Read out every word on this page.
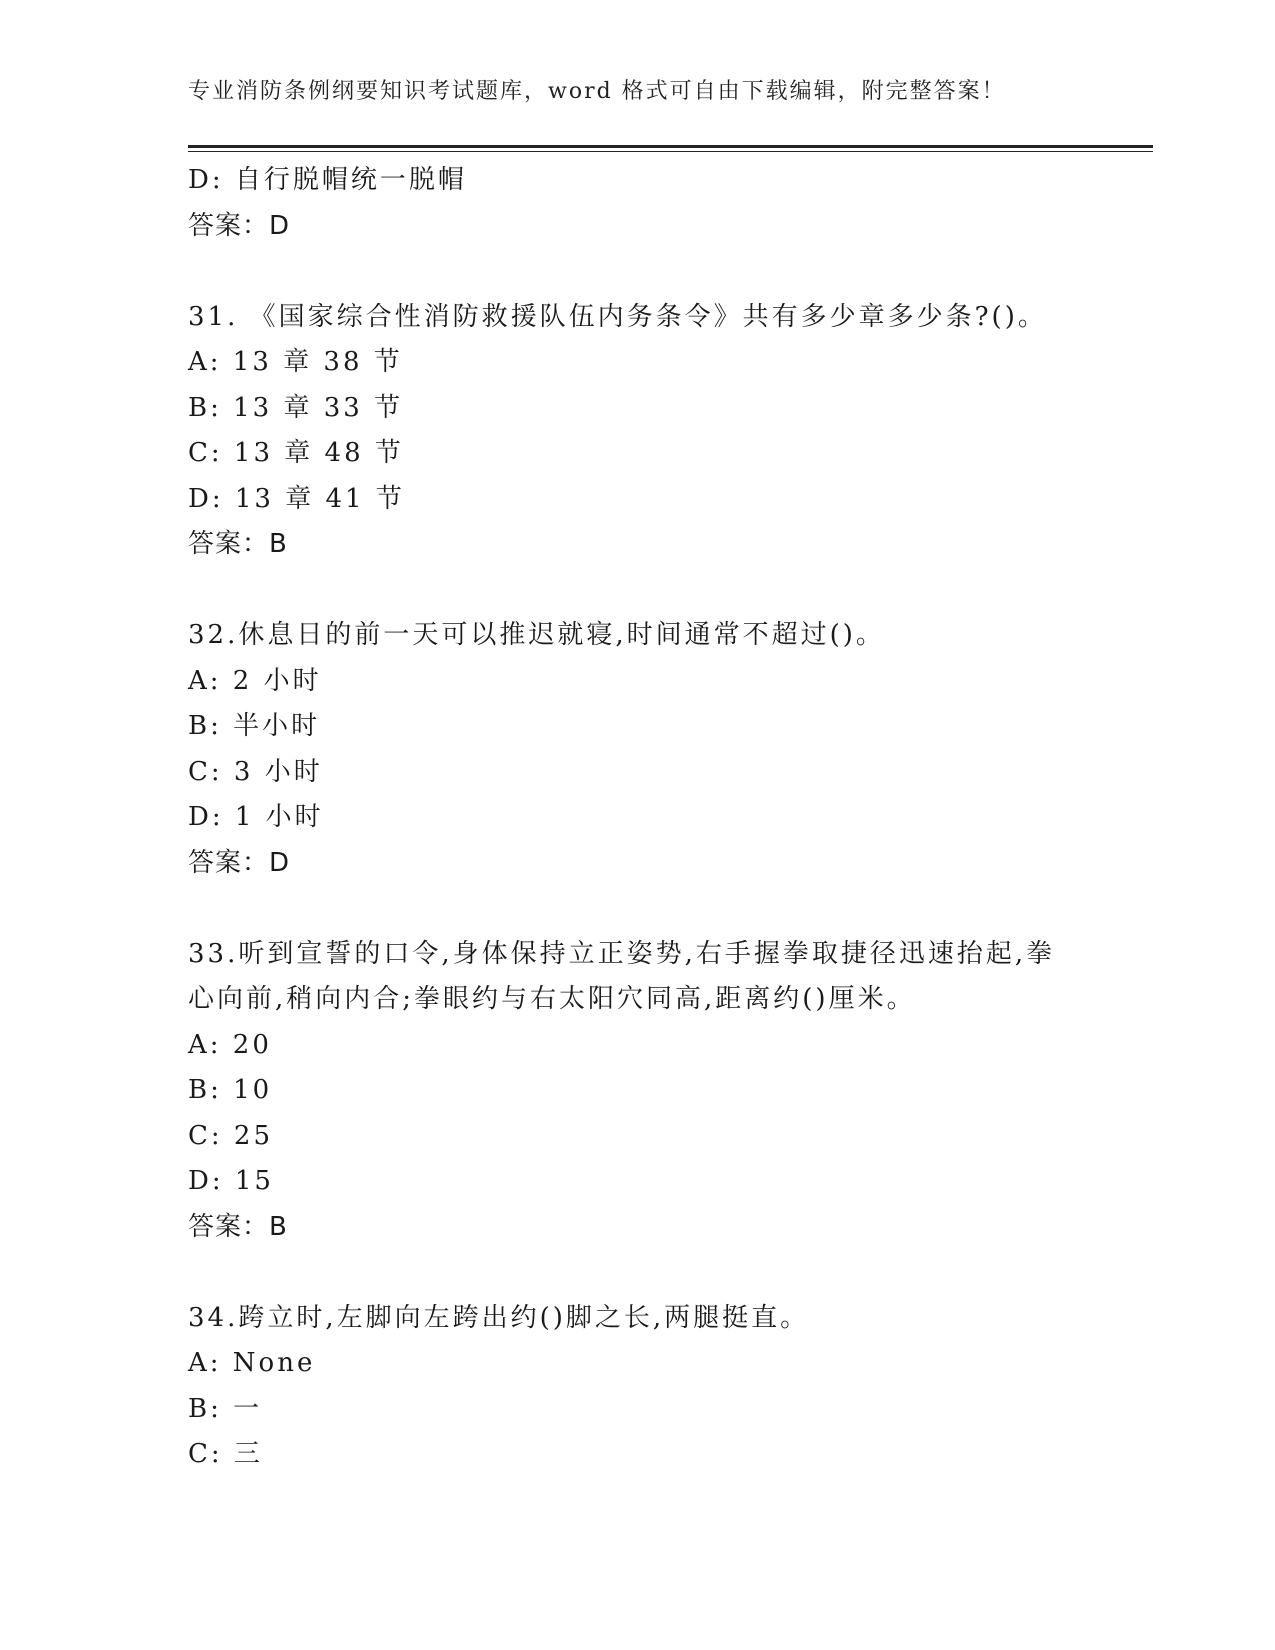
专业消防条例纲要知识考试题库，word 格式可自由下载编辑，附完整答案！
D: 自行脱帽统一脱帽
答案：D
31. 《国家综合性消防救援队伍内务条令》共有多少章多少条?()。
A: 13 章 38 节
B: 13 章 33 节
C: 13 章 48 节
D: 13 章 41 节
答案：B
32.休息日的前一天可以推迟就寝,时间通常不超过()。
A: 2 小时
B: 半小时
C: 3 小时
D: 1 小时
答案：D
33.听到宣誓的口令,身体保持立正姿势,右手握拳取捷径迅速抬起,拳
心向前,稍向内合;拳眼约与右太阳穴同高,距离约()厘米。
A: 20
B: 10
C: 25
D: 15
答案：B
34.跨立时,左脚向左跨出约()脚之长,两腿挺直。
A: None
B: 一
C: 三
